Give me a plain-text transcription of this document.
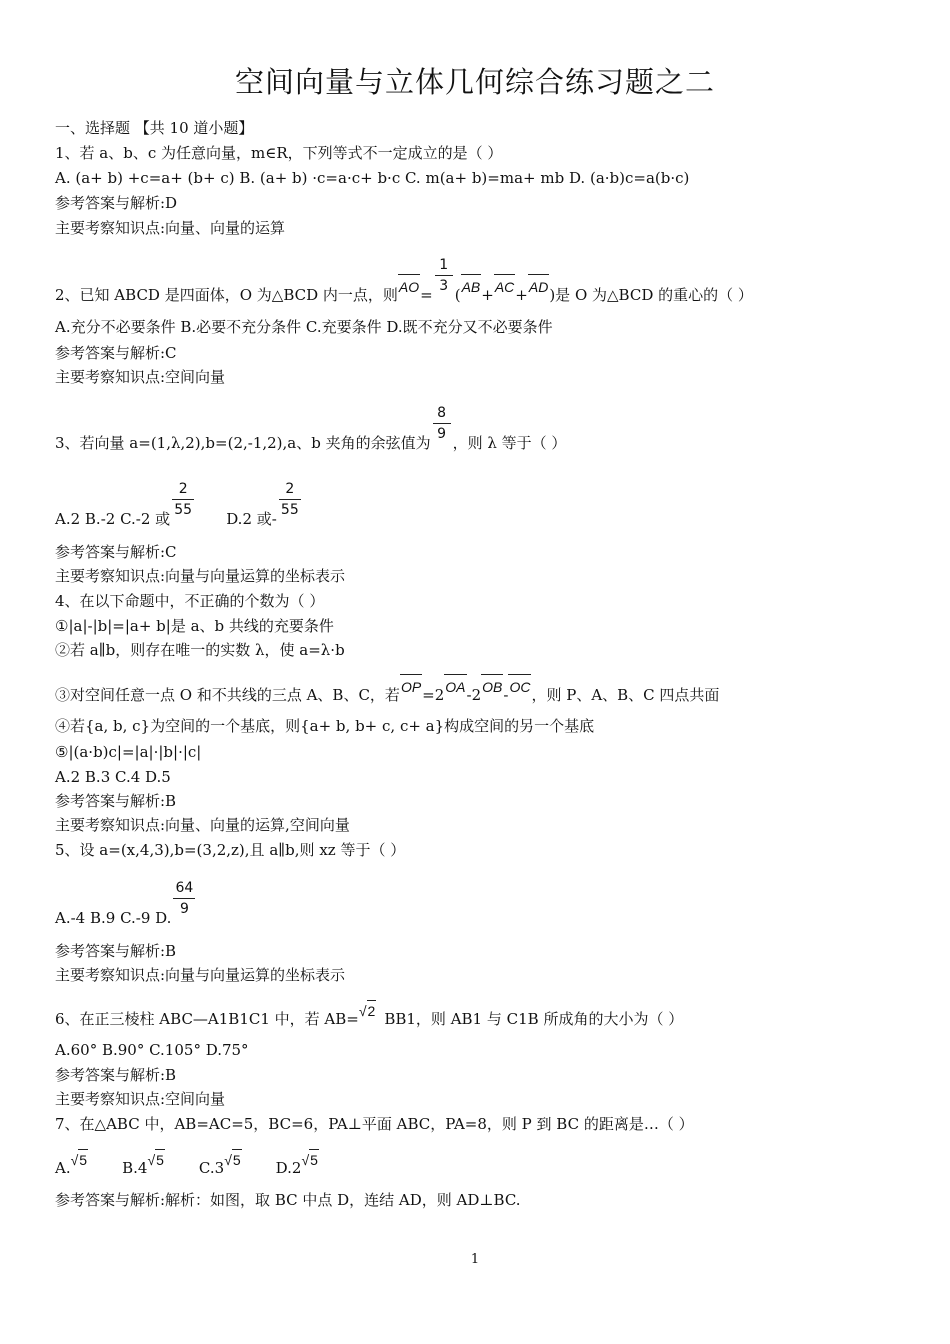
空间向量与立体几何综合练习题之二
一、选择题 【共 10 道小题】
1、若 a、b、c 为任意向量，m∈R，下列等式不一定成立的是（ ）
A. (a+ b) +c=a+ (b+ c) B. (a+ b) ·c=a·c+ b·c C. m(a+ b)=ma+ mb D. (a·b)c=a(b·c)
参考答案与解析:D
主要考察知识点:向量、向量的运算
2、已知 ABCD 是四面体，O 为△BCD 内一点，则$AO= \frac{1}{3} (AB+AC+AD)$是 O 为△BCD 的重心的（ ）
A.充分不必要条件 B.必要不充分条件 C.充要条件 D.既不充分又不必要条件
参考答案与解析:C
主要考察知识点:空间向量
3、若向量 a=(1,λ,2),b=(2,-1,2),a、b 夹角的余弦值为 $\frac{8}{9}$ ，则 λ 等于（ ）
A.2 B.-2 C.-2 或 $\frac{2}{55} D.2$ 或- $\frac{2}{55}$
参考答案与解析:C
主要考察知识点:向量与向量运算的坐标表示
4、在以下命题中，不正确的个数为（ ）
①|a|-|b|=|a+ b|是 a、b 共线的充要条件
②若 a∥b，则存在唯一的实数 λ，使 a=λ·b
③对空间任意一点 O 和不共线的三点 A、B、C，若OP=2OA-2OB-OC，则 P、A、B、C 四点共面
④若{a, b, c}为空间的一个基底，则{a+ b, b+ c, c+ a}构成空间的另一个基底
⑤|(a·b)c|=|a|·|b|·|c|
A.2 B.3 C.4 D.5
参考答案与解析:B
主要考察知识点:向量、向量的运算,空间向量
5、设 a=(x,4,3),b=(3,2,z),且 a∥b,则 xz 等于（ ）
A.-4 B.9 C.-9 D. $\frac{64}{9}$
参考答案与解析:B
主要考察知识点:向量与向量运算的坐标表示
6、在正三棱柱 ABC—A1B1C1 中，若 AB=√2 BB1，则 AB1 与 C1B 所成角的大小为（ ）
A.60° B.90° C.105° D.75°
参考答案与解析:B
主要考察知识点:空间向量
7、在△ABC 中，AB=AC=5，BC=6，PA⊥平面 ABC，PA=8，则 P 到 BC 的距离是…（ ）
A.√5 B.4√5 C.3√5 D.2√5
参考答案与解析:解析：如图，取 BC 中点 D，连结 AD，则 AD⊥BC.
1
